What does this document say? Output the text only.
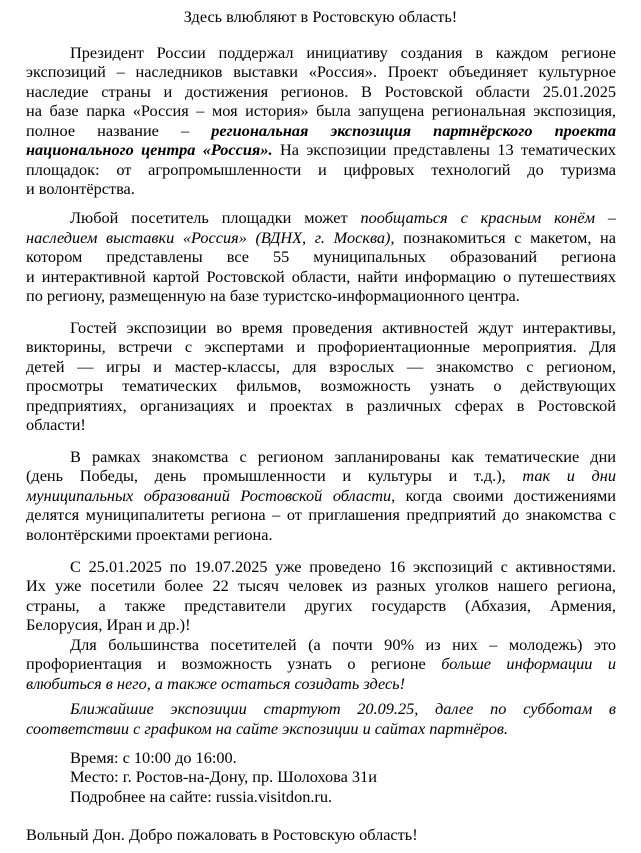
Здесь влюбляют в Ростовскую область!
Президент России поддержал инициативу создания в каждом регионе
экспозиций – наследников выставки «Россия». Проект объединяет культурное
наследие страны и достижения регионов. В Ростовской области 25.01.2025
на базе парка «Россия – моя история» была запущена региональная экспозиция,
полное название – региональная экспозиция партнёрского проекта
национального центра «Россия». На экспозиции представлены 13 тематических
площадок: от агропромышленности и цифровых технологий до туризма
и волонтёрства.
Любой посетитель площадки может пообщаться с красным конём –
наследием выставки «Россия» (ВДНХ, г. Москва), познакомиться с макетом, на
котором представлены все 55 муниципальных образований региона
и интерактивной картой Ростовской области, найти информацию о путешествиях
по региону, размещенную на базе туристско-информационного центра.
Гостей экспозиции во время проведения активностей ждут интерактивы,
викторины, встречи с экспертами и профориентационные мероприятия. Для
детей — игры и мастер-классы, для взрослых — знакомство с регионом,
просмотры тематических фильмов, возможность узнать о действующих
предприятиях, организациях и проектах в различных сферах в Ростовской
области!
В рамках знакомства с регионом запланированы как тематические дни
(день Победы, день промышленности и культуры и т.д.), так и дни
муниципальных образований Ростовской области, когда своими достижениями
делятся муниципалитеты региона – от приглашения предприятий до знакомства с
волонтёрскими проектами региона.
С 25.01.2025 по 19.07.2025 уже проведено 16 экспозиций с активностями.
Их уже посетили более 22 тысяч человек из разных уголков нашего региона,
страны, а также представители других государств (Абхазия, Армения,
Белорусия, Иран и др.)!
Для большинства посетителей (а почти 90% из них – молодежь) это
профориентация и возможность узнать о регионе больше информации и
влюбиться в него, а также остаться созидать здесь!
Ближайшие экспозиции стартуют 20.09.25, далее по субботам в
соответствии с графиком на сайте экспозиции и сайтах партнёров.
Время: с 10:00 до 16:00.
Место: г. Ростов-на-Дону, пр. Шолохова 31и
Подробнее на сайте: russia.visitdon.ru.
Вольный Дон. Добро пожаловать в Ростовскую область!
